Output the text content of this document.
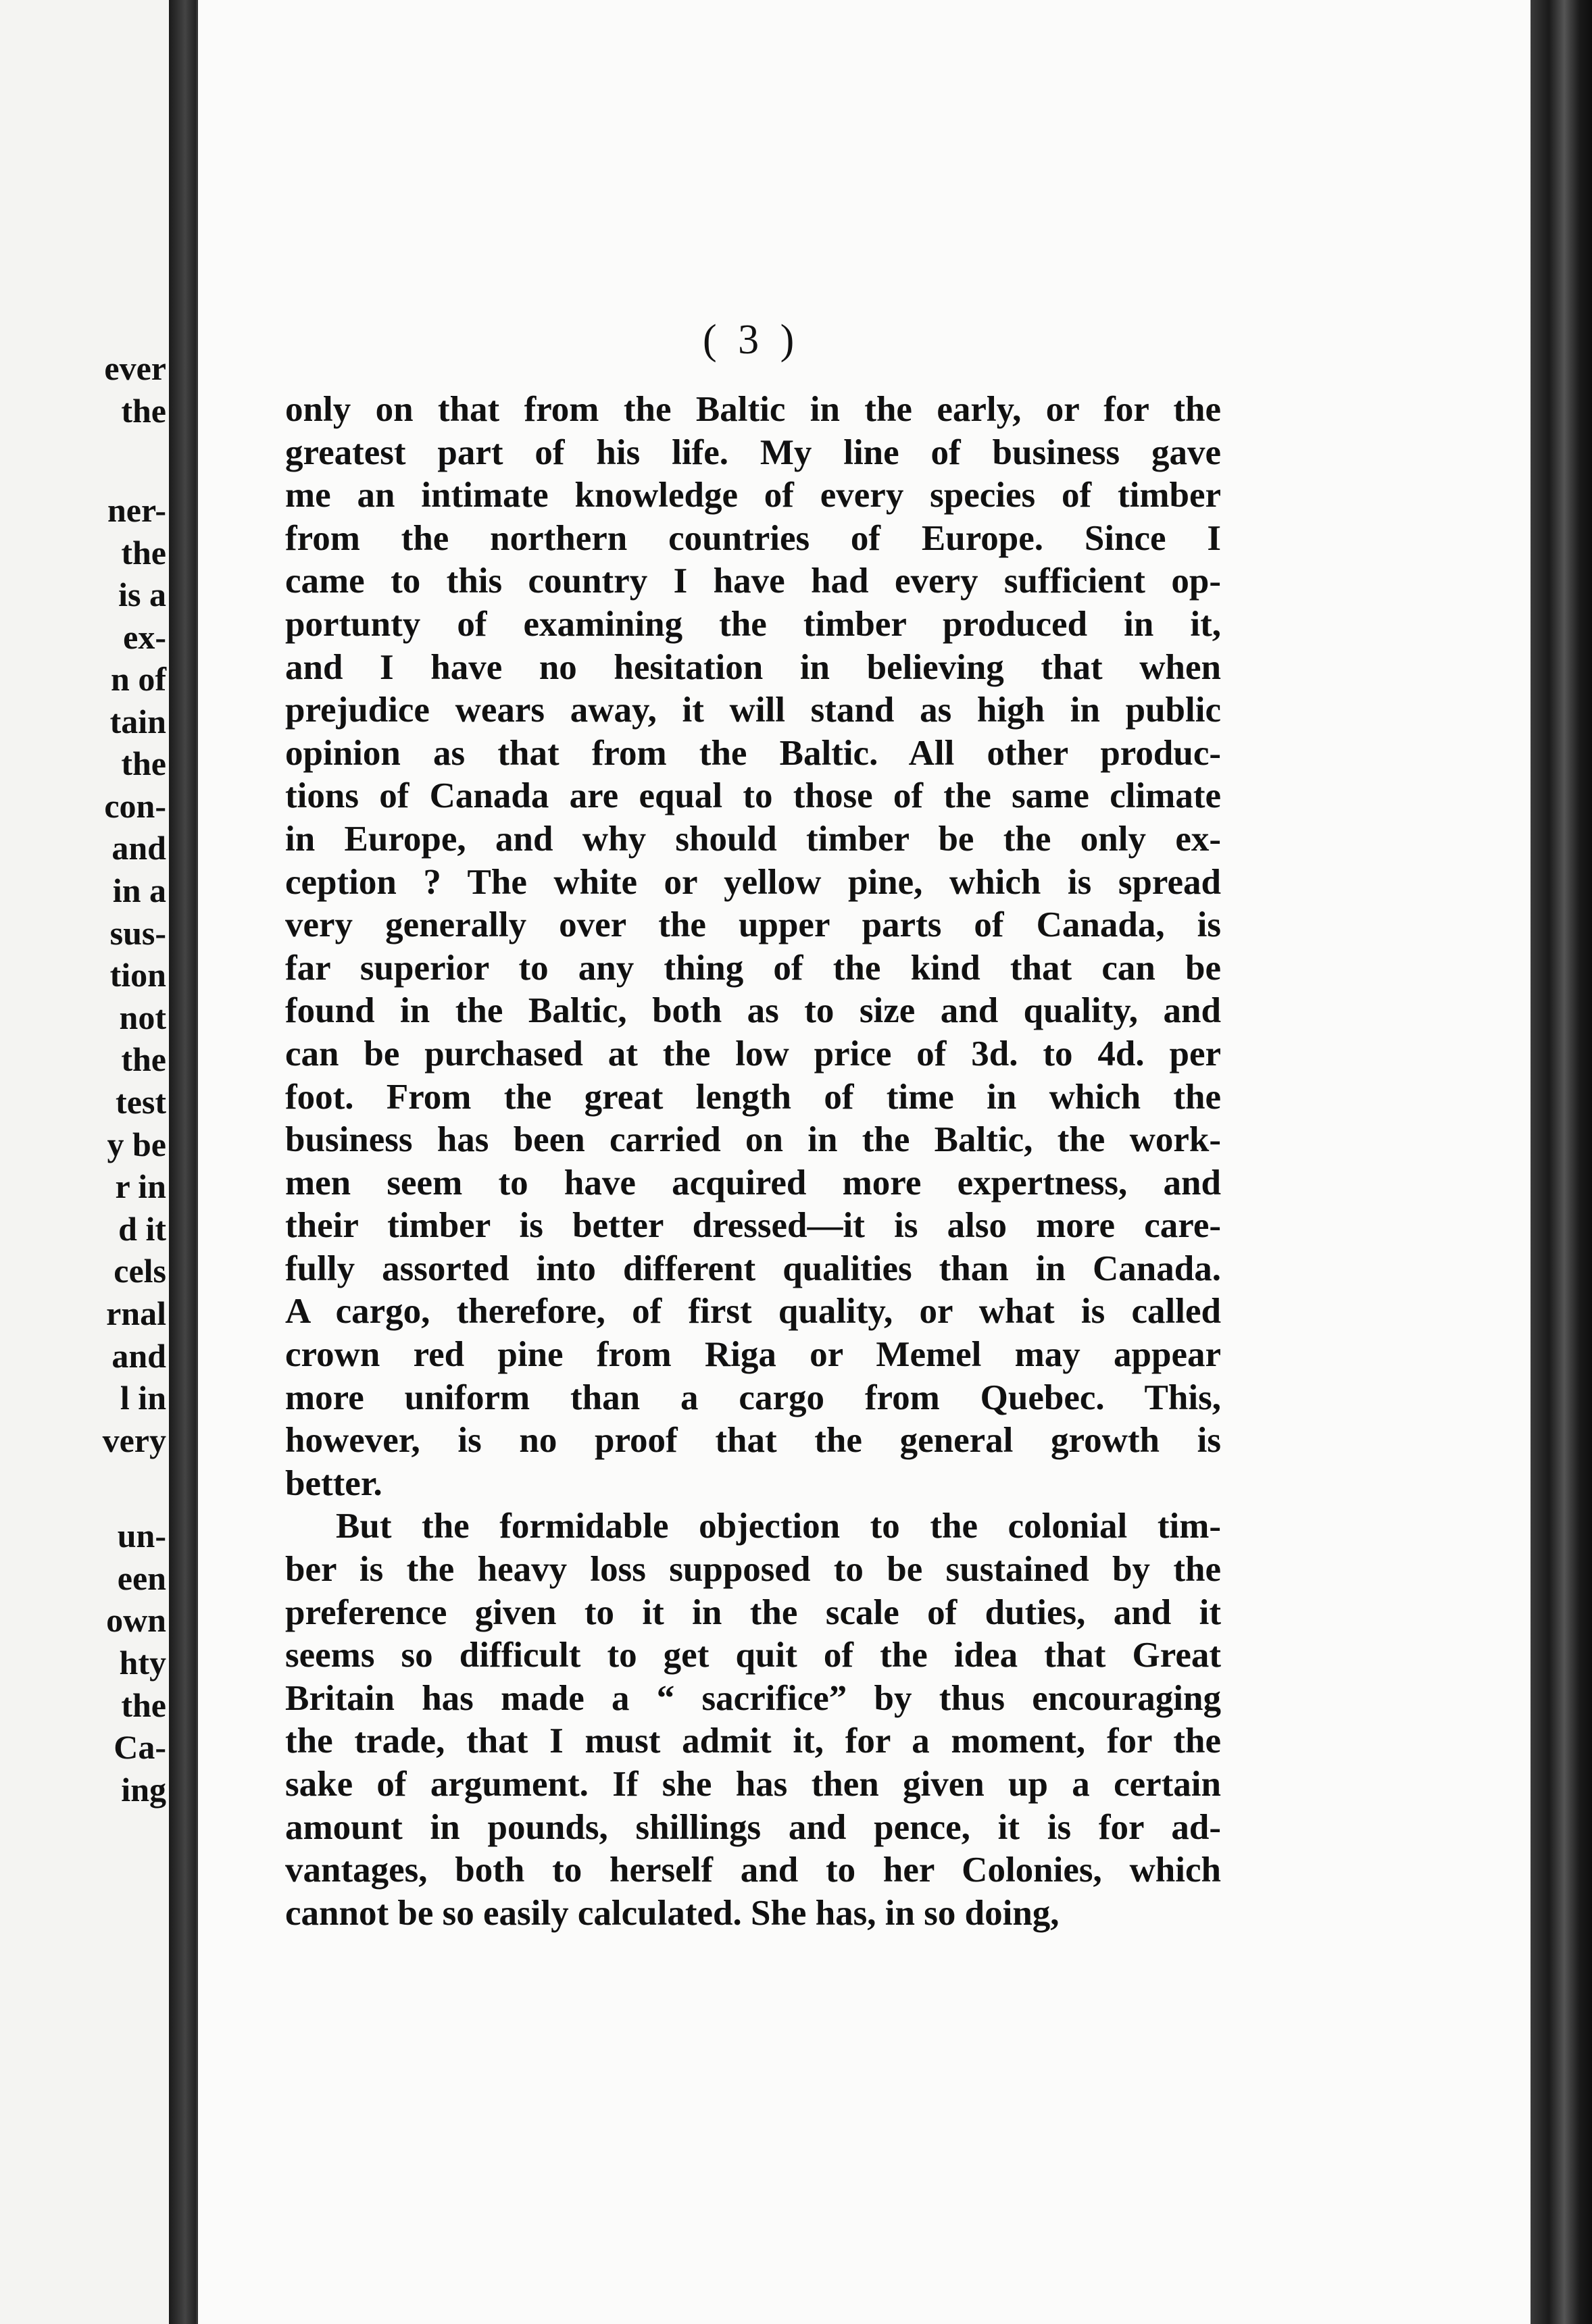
ever
the
ner-
the
is a
ex-
n of
tain
the
con-
and
in a
sus-
tion
not
the
test
y be
r in
d it
cels
rnal
and
l in
very
un-
een
own
hty
the
Ca-
ing
( 3 )
only on that from the Baltic in the early, or for the
greatest part of his life. My line of business gave
me an intimate knowledge of every species of timber
from the northern countries of Europe. Since I
came to this country I have had every sufficient op-
portunty of examining the timber produced in it,
and I have no hesitation in believing that when
prejudice wears away, it will stand as high in public
opinion as that from the Baltic. All other produc-
tions of Canada are equal to those of the same climate
in Europe, and why should timber be the only ex-
ception ? The white or yellow pine, which is spread
very generally over the upper parts of Canada, is
far superior to any thing of the kind that can be
found in the Baltic, both as to size and quality, and
can be purchased at the low price of 3d. to 4d. per
foot. From the great length of time in which the
business has been carried on in the Baltic, the work-
men seem to have acquired more expertness, and
their timber is better dressed—it is also more care-
fully assorted into different qualities than in Canada.
A cargo, therefore, of first quality, or what is called
crown red pine from Riga or Memel may appear
more uniform than a cargo from Quebec. This,
however, is no proof that the general growth is
better.
But the formidable objection to the colonial tim-
ber is the heavy loss supposed to be sustained by the
preference given to it in the scale of duties, and it
seems so difficult to get quit of the idea that Great
Britain has made a “ sacrifice” by thus encouraging
the trade, that I must admit it, for a moment, for the
sake of argument. If she has then given up a certain
amount in pounds, shillings and pence, it is for ad-
vantages, both to herself and to her Colonies, which
cannot be so easily calculated. She has, in so doing,
